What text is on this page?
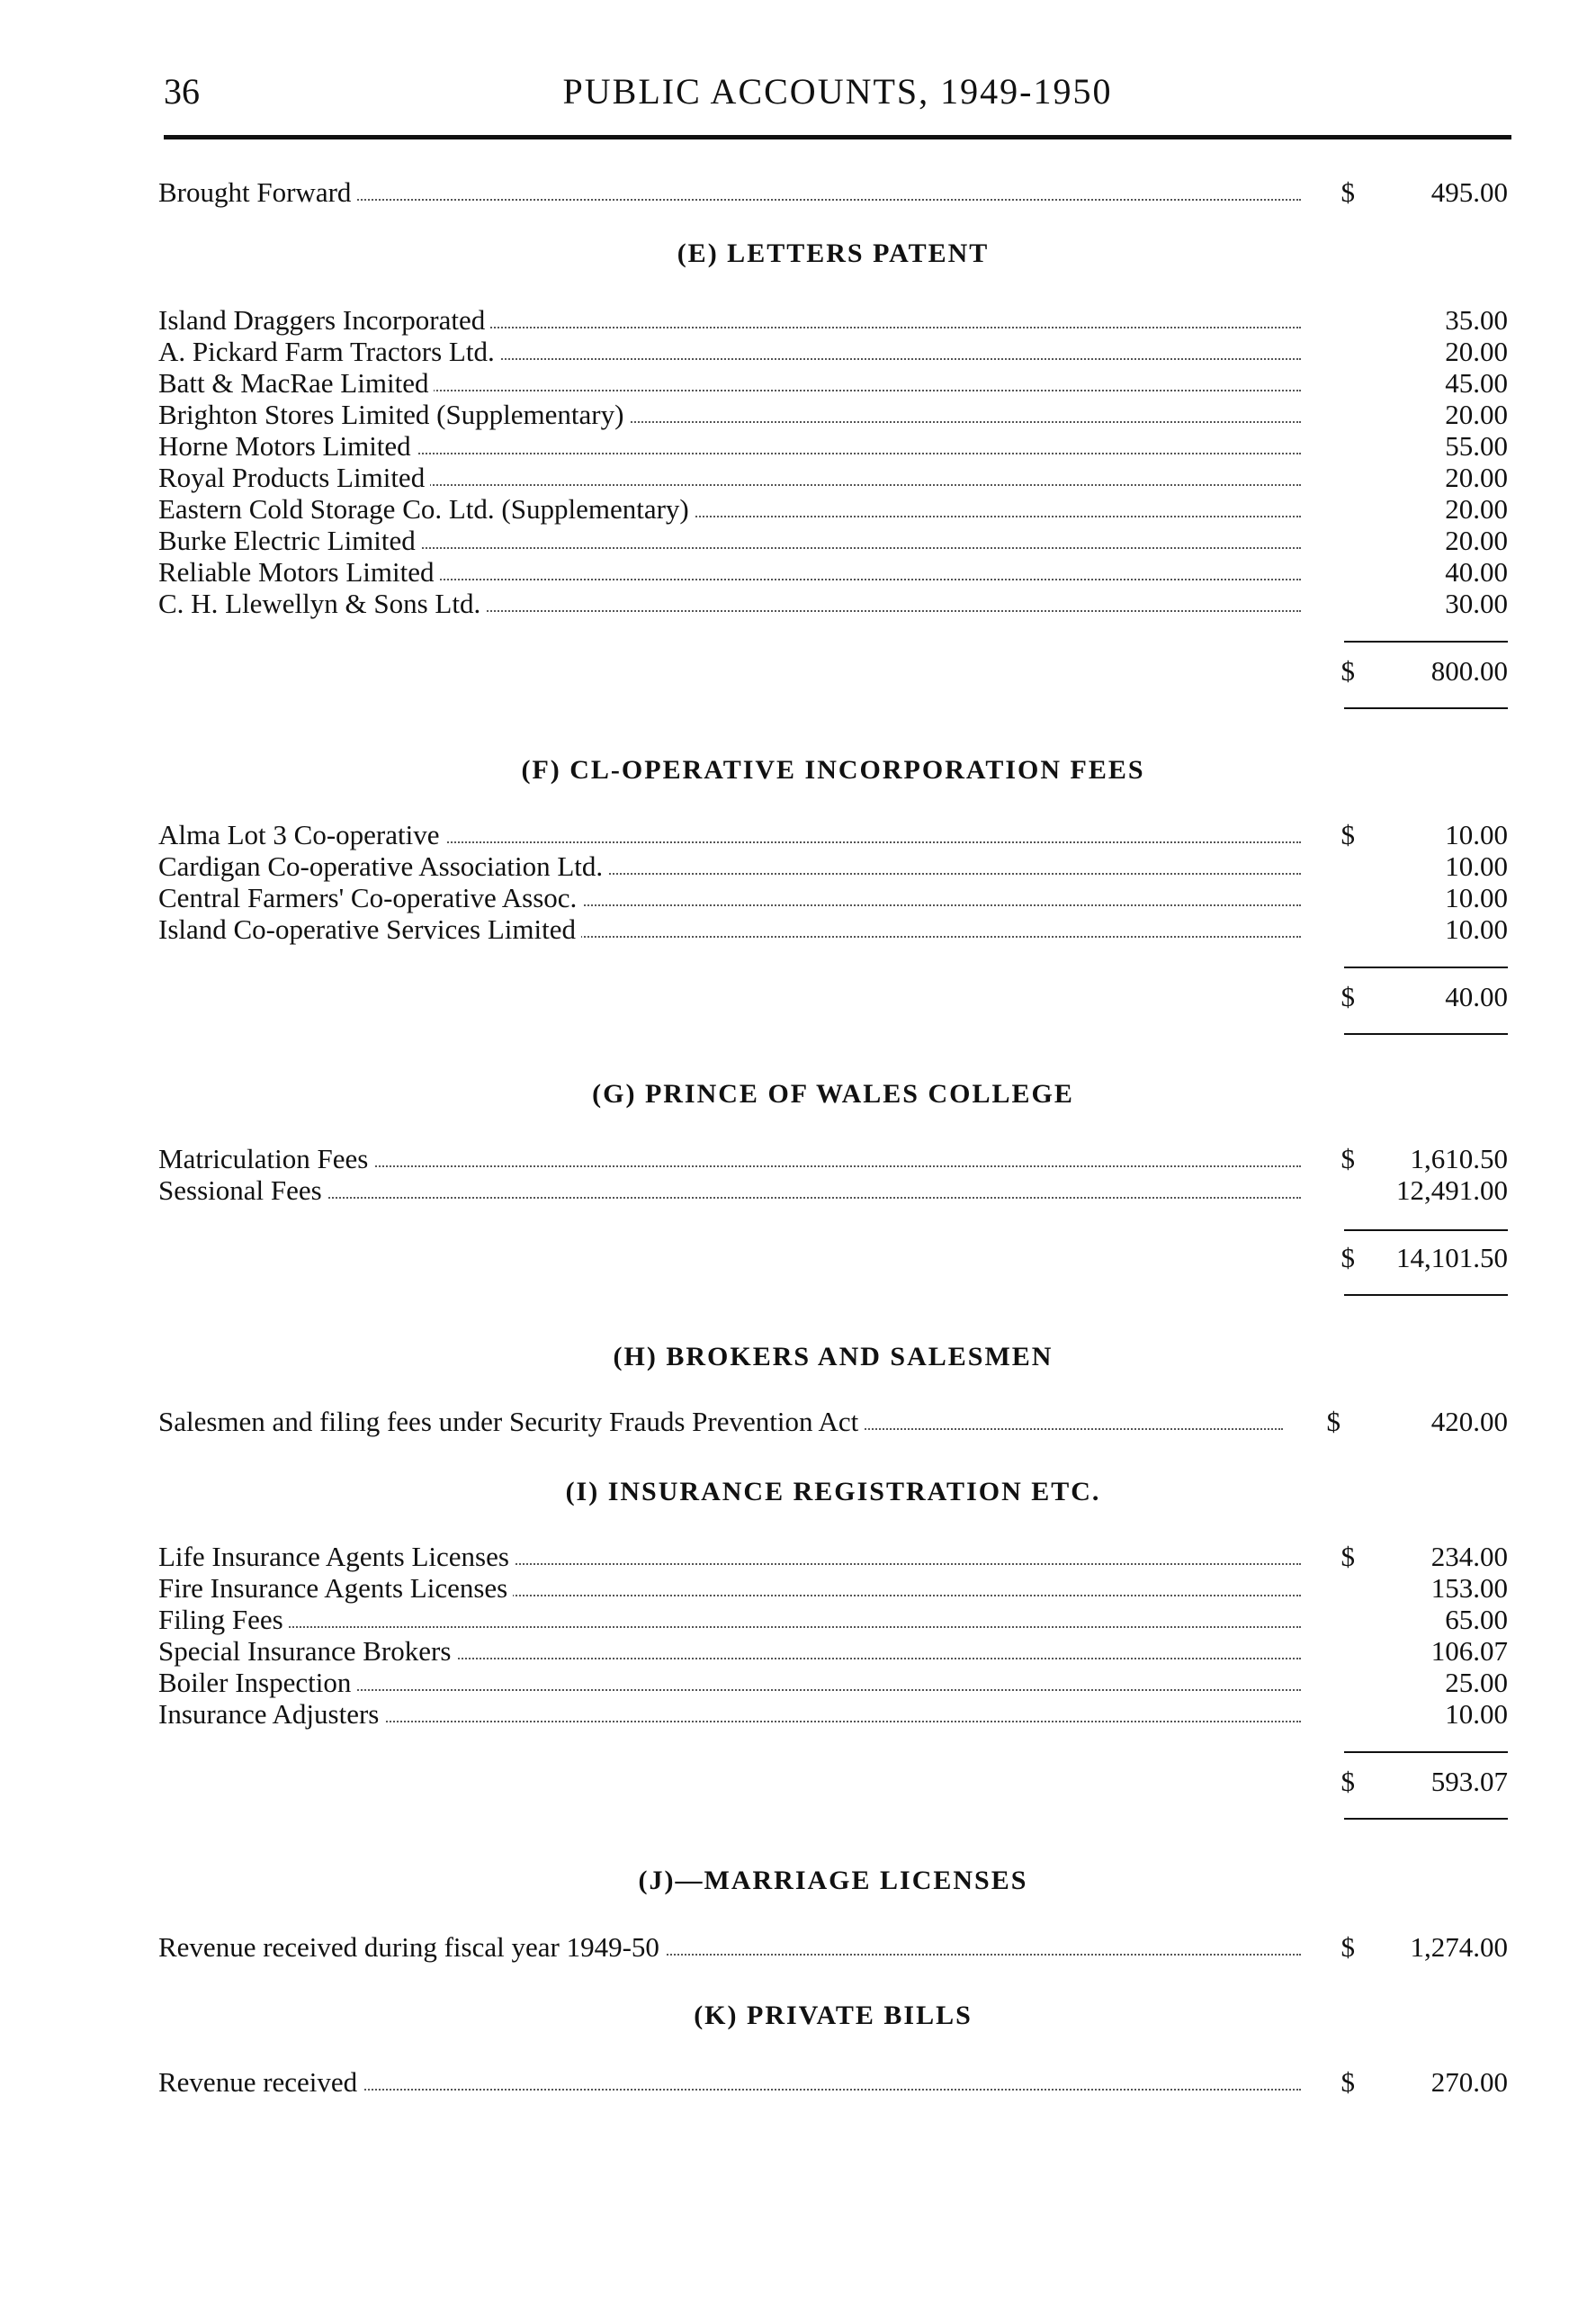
36	PUBLIC ACCOUNTS, 1949-1950
Brought Forward	$	495.00
(E) LETTERS PATENT
Island Draggers Incorporated	35.00
A. Pickard Farm Tractors Ltd.	20.00
Batt & MacRae Limited	45.00
Brighton Stores Limited (Supplementary)	20.00
Horne Motors Limited	55.00
Royal Products Limited	20.00
Eastern Cold Storage Co. Ltd. (Supplementary)	20.00
Burke Electric Limited	20.00
Reliable Motors Limited	40.00
C. H. Llewellyn & Sons Ltd.	30.00
$	800.00
(F) CL-OPERATIVE INCORPORATION FEES
Alma Lot 3 Co-operative	$	10.00
Cardigan Co-operative Association Ltd.	10.00
Central Farmers' Co-operative Assoc.	10.00
Island Co-operative Services Limited	10.00
$	40.00
(G) PRINCE OF WALES COLLEGE
Matriculation Fees	$	1,610.50
Sessional Fees	12,491.00
$	14,101.50
(H) BROKERS AND SALESMEN
Salesmen and filing fees under Security Frauds Prevention Act	$	420.00
(I) INSURANCE REGISTRATION ETC.
Life Insurance Agents Licenses	$	234.00
Fire Insurance Agents Licenses	153.00
Filing Fees	65.00
Special Insurance Brokers	106.07
Boiler Inspection	25.00
Insurance Adjusters	10.00
$	593.07
(J)—MARRIAGE LICENSES
Revenue received during fiscal year 1949-50	$	1,274.00
(K) PRIVATE BILLS
Revenue received	$	270.00
